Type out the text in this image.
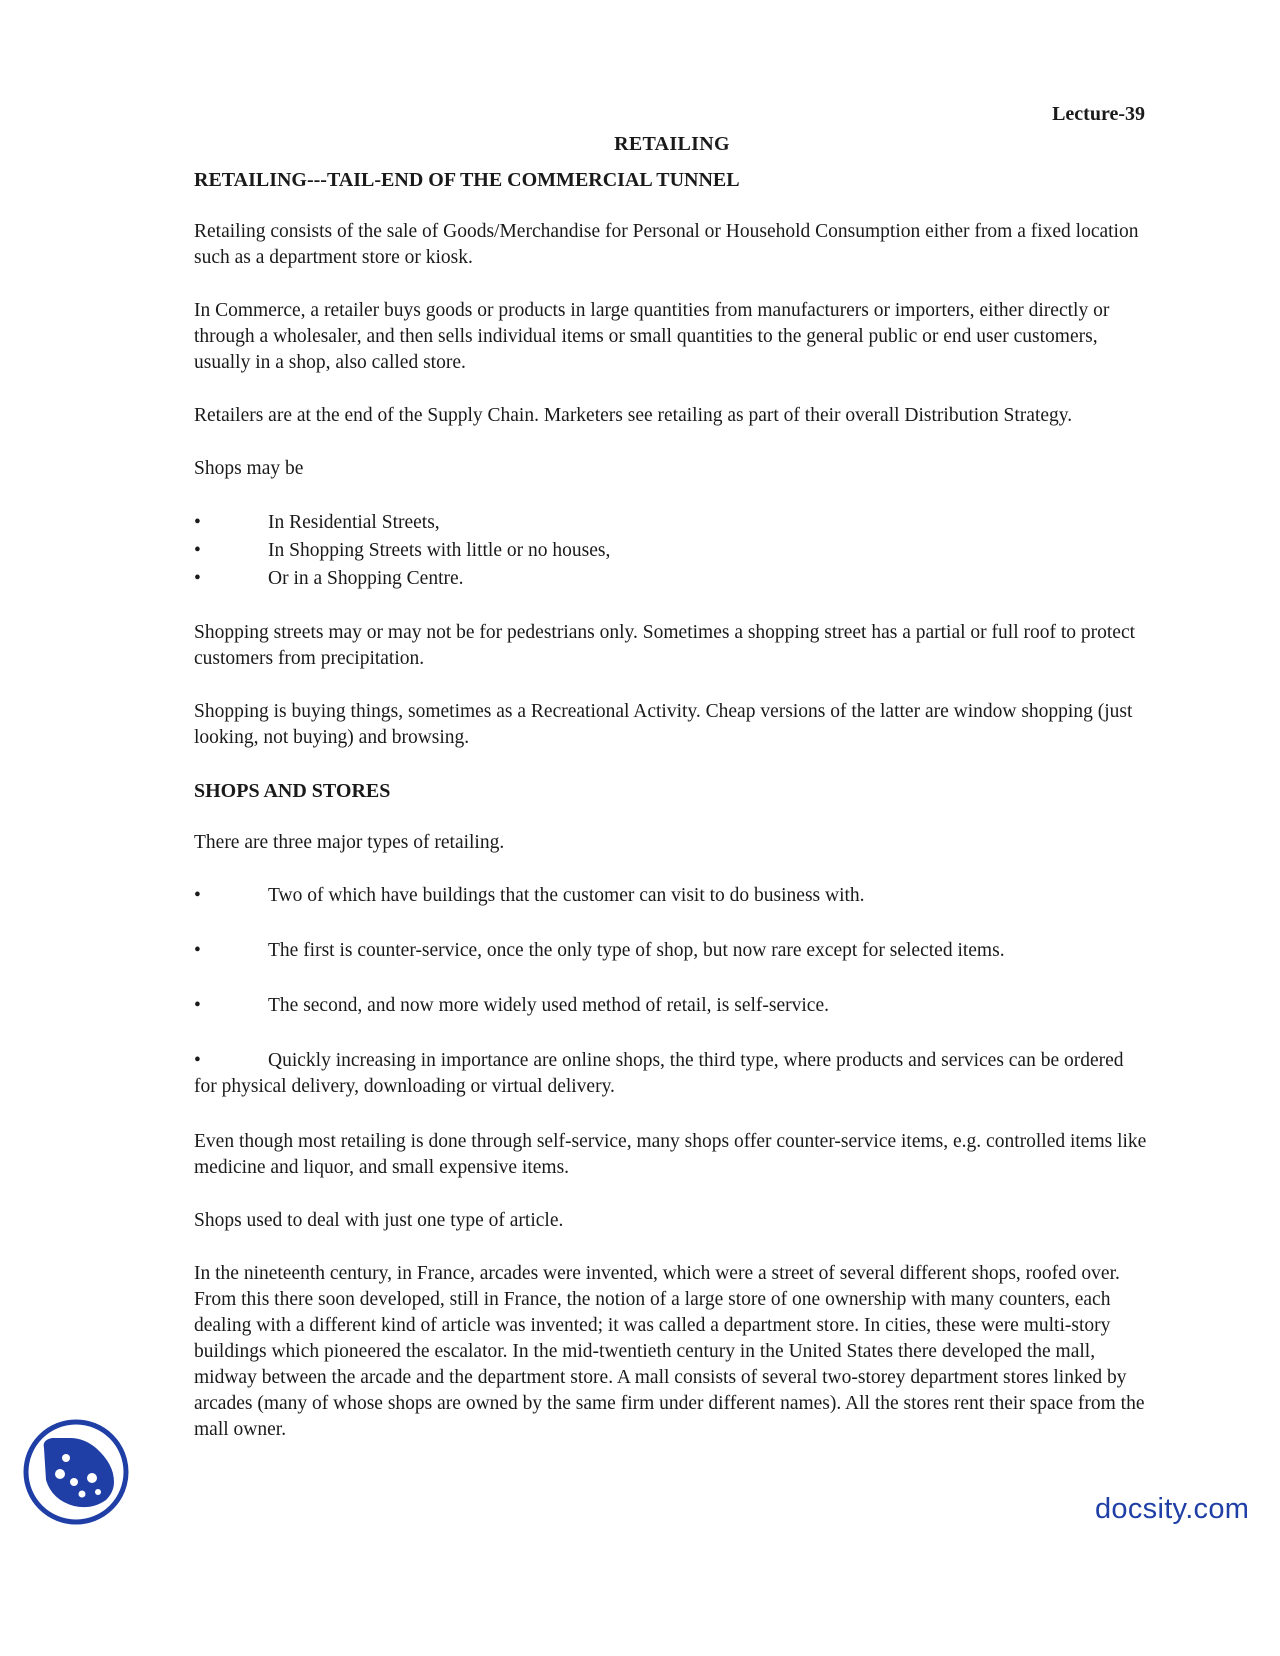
Lecture-39
RETAILING
RETAILING---TAIL-END OF THE COMMERCIAL TUNNEL

Retailing consists of the sale of Goods/Merchandise for Personal or Household Consumption either from a fixed location such as a department store or kiosk.

In Commerce, a retailer buys goods or products in large quantities from manufacturers or importers, either directly or through a wholesaler, and then sells individual items or small quantities to the general public or end user customers, usually in a shop, also called store.

Retailers are at the end of the Supply Chain. Marketers see retailing as part of their overall Distribution Strategy.

Shops may be

• In Residential Streets,
• In Shopping Streets with little or no houses,
• Or in a Shopping Centre.

Shopping streets may or may not be for pedestrians only. Sometimes a shopping street has a partial or full roof to protect customers from precipitation.

Shopping is buying things, sometimes as a Recreational Activity. Cheap versions of the latter are window shopping (just looking, not buying) and browsing.

SHOPS AND STORES

There are three major types of retailing.

• Two of which have buildings that the customer can visit to do business with.
• The first is counter-service, once the only type of shop, but now rare except for selected items.
• The second, and now more widely used method of retail, is self-service.
• Quickly increasing in importance are online shops, the third type, where products and services can be ordered for physical delivery, downloading or virtual delivery.

Even though most retailing is done through self-service, many shops offer counter-service items, e.g. controlled items like medicine and liquor, and small expensive items.

Shops used to deal with just one type of article.

In the nineteenth century, in France, arcades were invented, which were a street of several different shops, roofed over. From this there soon developed, still in France, the notion of a large store of one ownership with many counters, each dealing with a different kind of article was invented; it was called a department store. In cities, these were multi-story buildings which pioneered the escalator. In the mid-twentieth century in the United States there developed the mall, midway between the arcade and the department store. A mall consists of several two-storey department stores linked by arcades (many of whose shops are owned by the same firm under different names). All the stores rent their space from the mall owner.

docsity.com
